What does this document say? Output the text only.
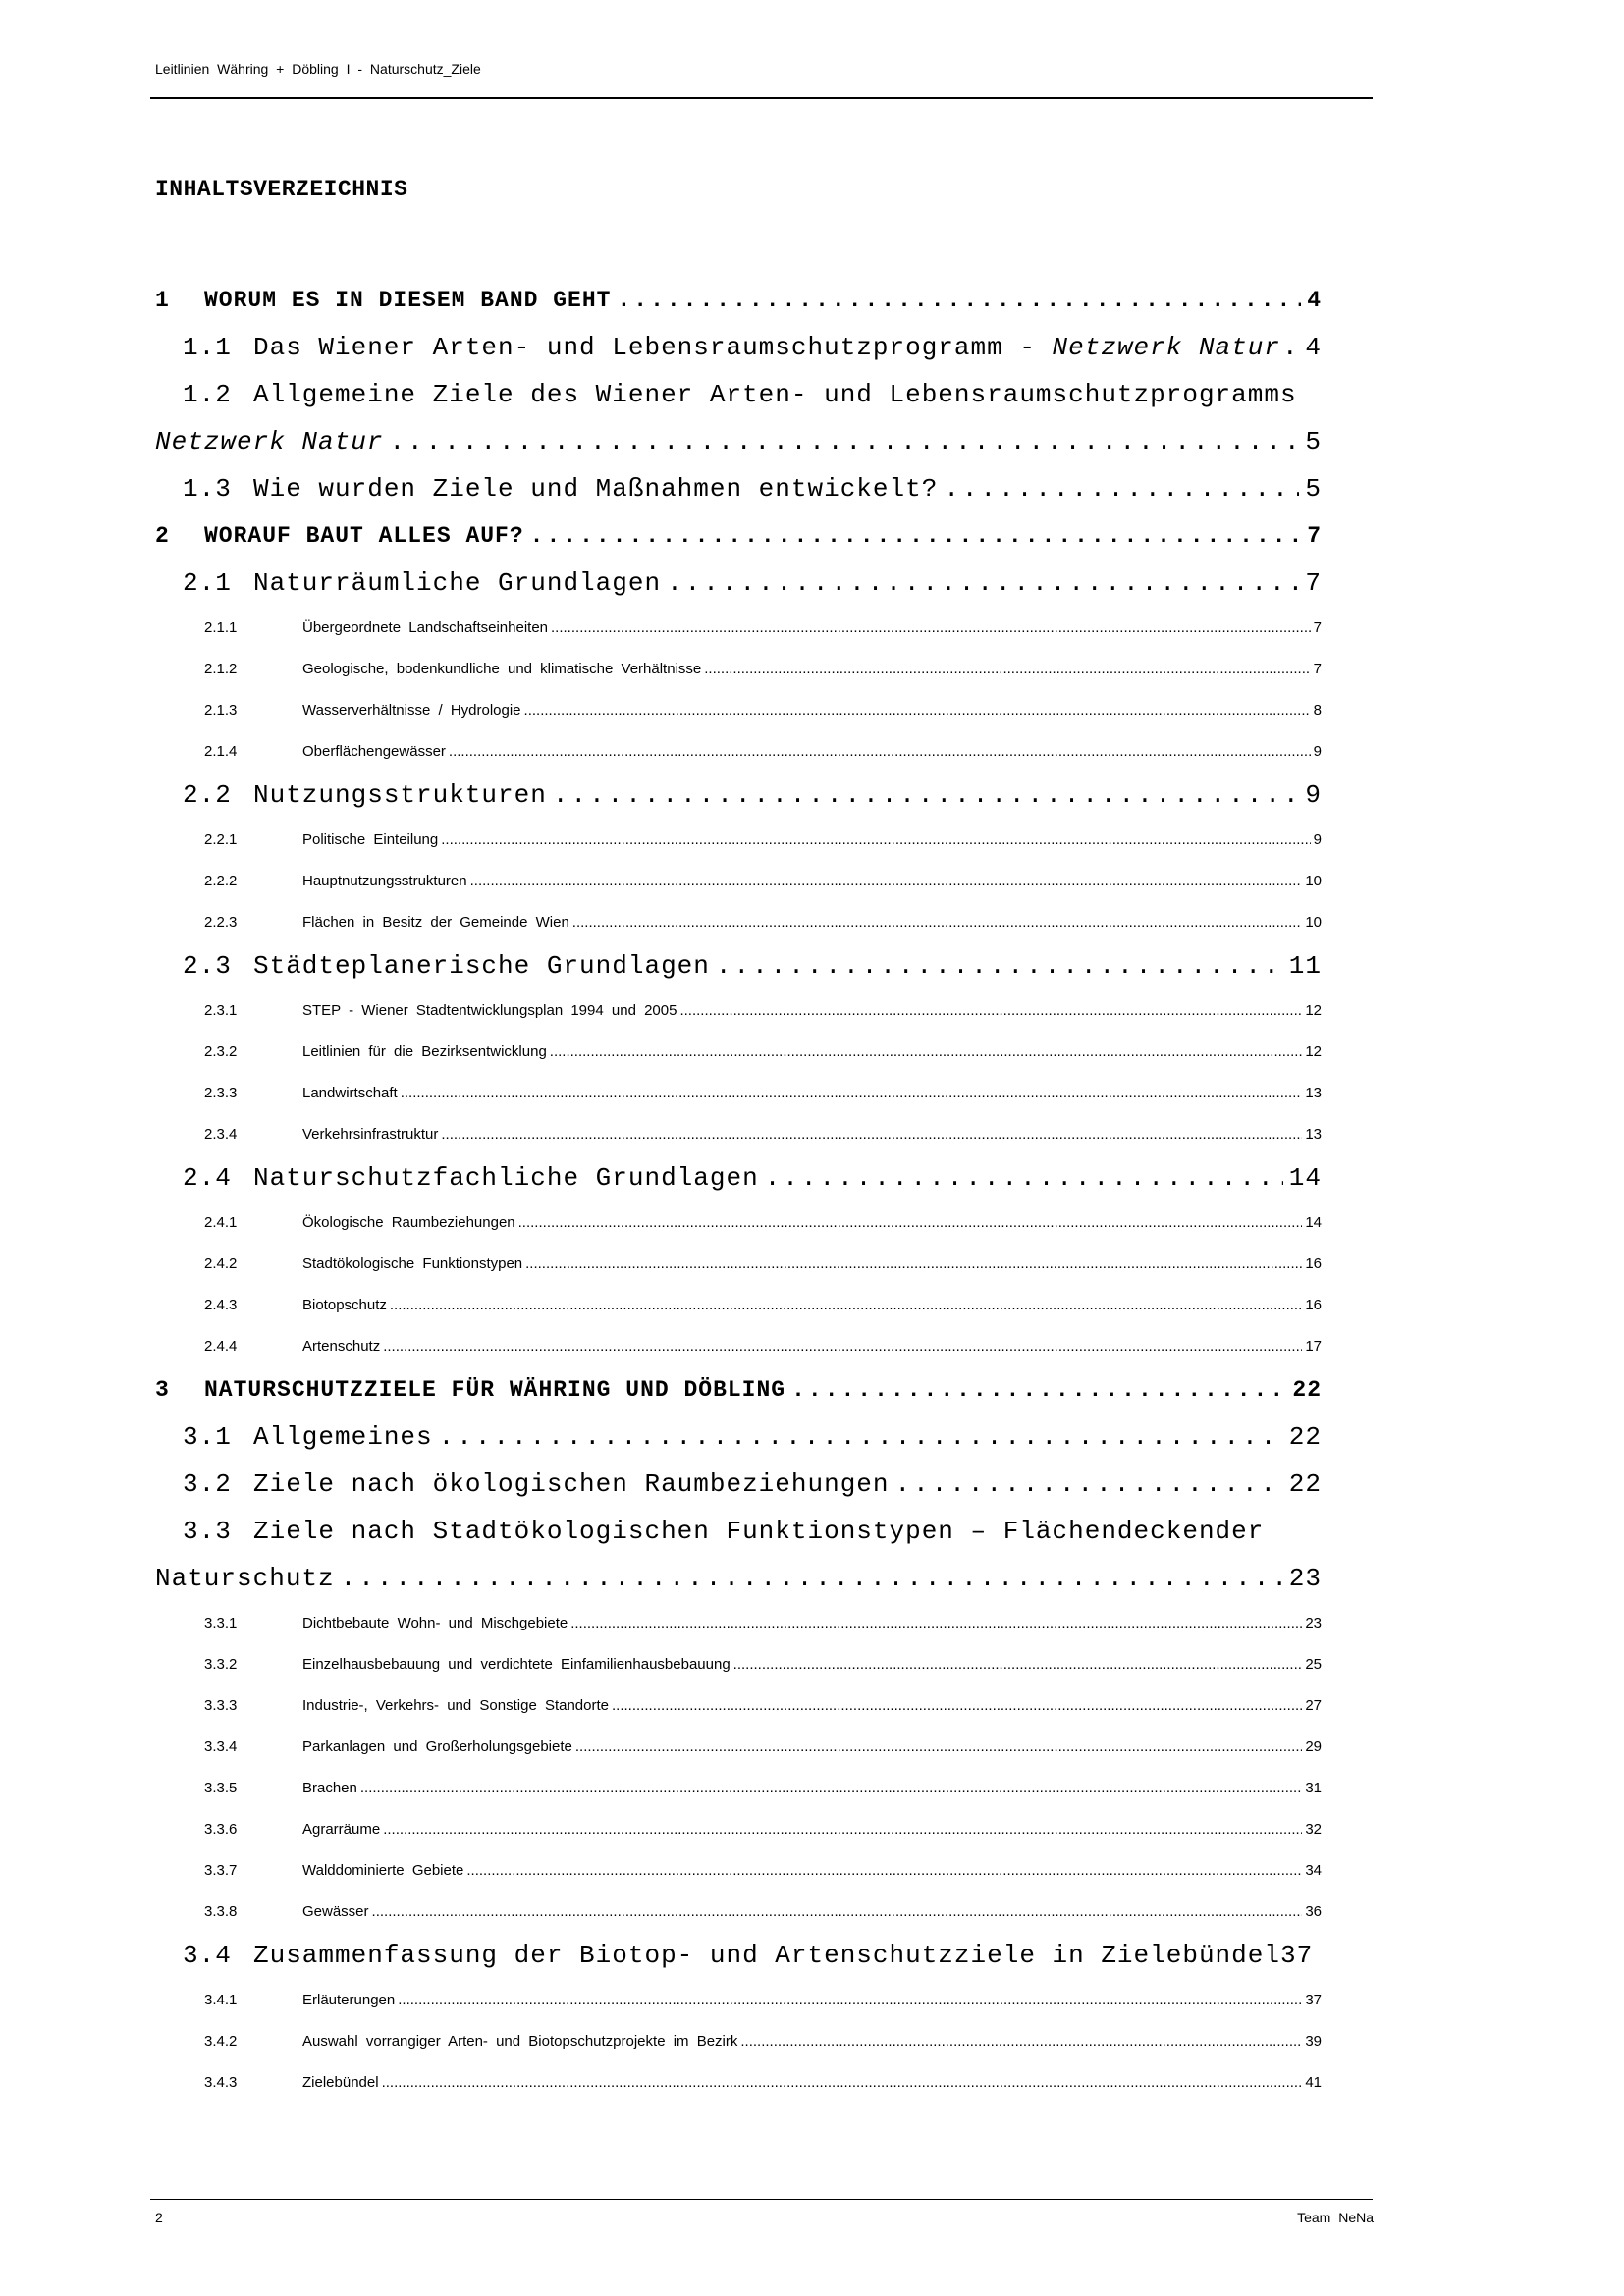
Leitlinien Währing + Döbling I - Naturschutz_Ziele
INHALTSVERZEICHNIS
1	WORUM ES IN DIESEM BAND GEHT .....	4
1.1 Das Wiener Arten- und Lebensraumschutzprogramm - Netzwerk Natur ..... 4
1.2 Allgemeine Ziele des Wiener Arten- und Lebensraumschutzprogramms
Netzwerk Natur .....	5
1.3 Wie wurden Ziele und Maßnahmen entwickelt? .....	5
2	WORAUF BAUT ALLES AUF? .....	7
2.1 Naturräumliche Grundlagen .....	7
2.1.1	Übergeordnete Landschaftseinheiten .....	7
2.1.2	Geologische, bodenkundliche und klimatische Verhältnisse .....	7
2.1.3	Wasserverhältnisse / Hydrologie .....	8
2.1.4	Oberflächengewässer .....	9
2.2 Nutzungsstrukturen .....	9
2.2.1	Politische Einteilung .....	9
2.2.2	Hauptnutzungsstrukturen .....	10
2.2.3	Flächen in Besitz der Gemeinde Wien .....	10
2.3 Städteplanerische Grundlagen .....	11
2.3.1	STEP - Wiener Stadtentwicklungsplan 1994 und 2005 .....	12
2.3.2	Leitlinien für die Bezirksentwicklung .....	12
2.3.3	Landwirtschaft .....	13
2.3.4	Verkehrsinfrastruktur .....	13
2.4 Naturschutzfachliche Grundlagen .....	14
2.4.1	Ökologische Raumbeziehungen .....	14
2.4.2	Stadtökologische Funktionstypen .....	16
2.4.3	Biotopschutz .....	16
2.4.4	Artenschutz .....	17
3	NATURSCHUTZZIELE FÜR WÄHRING UND DÖBLING .....	22
3.1 Allgemeines .....	22
3.2 Ziele nach ökologischen Raumbeziehungen .....	22
3.3 Ziele nach Stadtökologischen Funktionstypen – Flächendeckender
Naturschutz .....	23
3.3.1	Dichtbebaute Wohn- und Mischgebiete .....	23
3.3.2	Einzelhausbebauung und verdichtete Einfamilienhausbebauung .....	25
3.3.3	Industrie-, Verkehrs- und Sonstige Standorte .....	27
3.3.4	Parkanlagen und Großerholungsgebiete .....	29
3.3.5	Brachen .....	31
3.3.6	Agrarräume .....	32
3.3.7	Walddominierte Gebiete .....	34
3.3.8	Gewässer .....	36
3.4 Zusammenfassung der Biotop- und Artenschutzziele in Zielebündel 37
3.4.1	Erläuterungen .....	37
3.4.2	Auswahl vorrangiger Arten- und Biotopschutzprojekte im Bezirk .....	39
3.4.3	Zielebündel .....	41
2	Team NeNa
